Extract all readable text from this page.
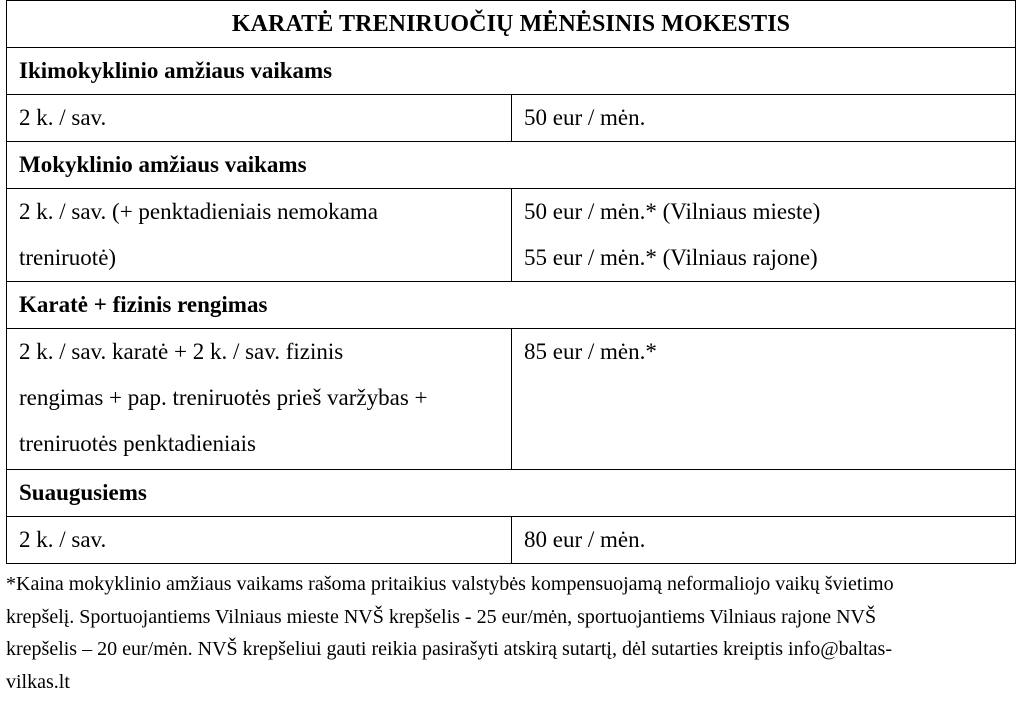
KARATĖ TRENIRUOČIŲ MĖNĖSINIS MOKESTIS	
Ikimokyklinio amžiaus vaikams	
2 k. / sav.	50 eur / mėn.
Mokyklinio amžiaus vaikams	

2 k. / sav. (+ penktadieniais nemokama
treniruotė)	50 eur / mėn.* (Vilniaus mieste)
55 eur / mėn.* (Vilniaus rajone)

Karatė + fizinis rengimas	

2 k. / sav. karatė + 2 k. / sav. fizinis
rengimas + pap. treniruotės prieš varžybas +
treniruotės penktadieniais	85 eur / mėn.*

Suaugusiems	
2 k. / sav.	80 eur / mėn.
*Kaina mokyklinio amžiaus vaikams rašoma pritaikius valstybės kompensuojamą neformaliojo vaikų švietimo
krepšelį. Sportuojantiems Vilniaus mieste NVŠ krepšelis - 25 eur/mėn, sportuojantiems Vilniaus rajone NVŠ
krepšelis – 20 eur/mėn. NVŠ krepšeliui gauti reikia pasirašyti atskirą sutartį, dėl sutarties kreiptis info@baltas-
vilkas.lt
